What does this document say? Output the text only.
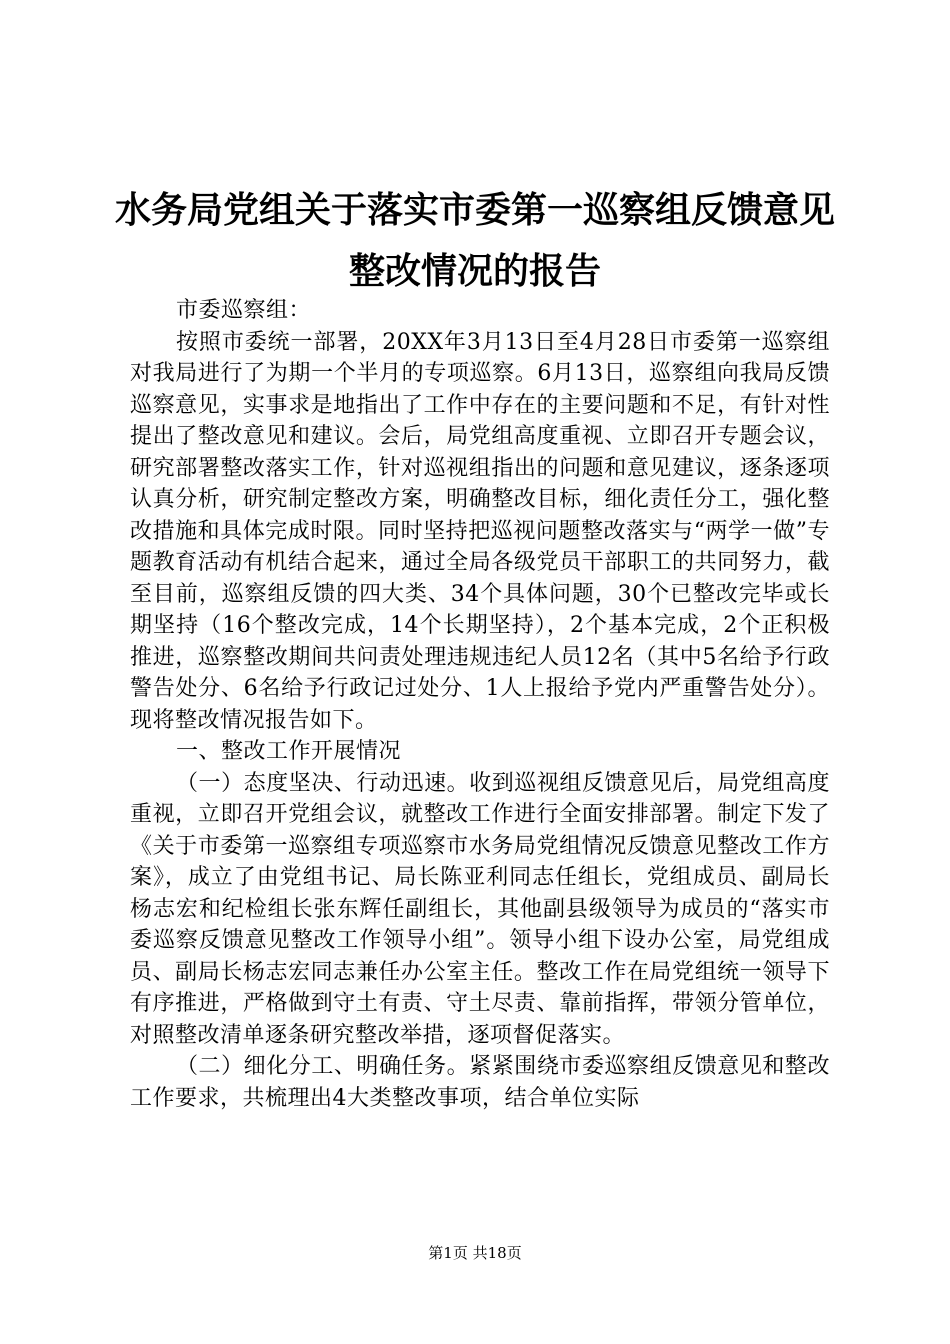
水务局党组关于落实市委第一巡察组反馈意见
整改情况的报告

市委巡察组：

按照市委统一部署，20XX年3月13日至4月28日市委第一巡察组对我局进行了为期一个半月的专项巡察。6月13日，巡察组向我局反馈巡察意见，实事求是地指出了工作中存在的主要问题和不足，有针对性提出了整改意见和建议。会后，局党组高度重视、立即召开专题会议，研究部署整改落实工作，针对巡视组指出的问题和意见建议，逐条逐项认真分析，研究制定整改方案，明确整改目标，细化责任分工，强化整改措施和具体完成时限。同时坚持把巡视问题整改落实与“两学一做”专题教育活动有机结合起来，通过全局各级党员干部职工的共同努力，截至目前，巡察组反馈的四大类、34个具体问题，30个已整改完毕或长期坚持（16个整改完成，14个长期坚持），2个基本完成，2个正积极推进，巡察整改期间共问责处理违规违纪人员12名（其中5名给予行政警告处分、6名给予行政记过处分、1人上报给予党内严重警告处分）。现将整改情况报告如下。

一、整改工作开展情况

（一）态度坚决、行动迅速。收到巡视组反馈意见后，局党组高度重视，立即召开党组会议，就整改工作进行全面安排部署。制定下发了《关于市委第一巡察组专项巡察市水务局党组情况反馈意见整改工作方案》，成立了由党组书记、局长陈亚利同志任组长，党组成员、副局长杨志宏和纪检组长张东辉任副组长，其他副县级领导为成员的“落实市委巡察反馈意见整改工作领导小组”。领导小组下设办公室，局党组成员、副局长杨志宏同志兼任办公室主任。整改工作在局党组统一领导下有序推进，严格做到守土有责、守土尽责、靠前指挥，带领分管单位，对照整改清单逐条研究整改举措，逐项督促落实。

（二）细化分工、明确任务。紧紧围绕市委巡察组反馈意见和整改工作要求，共梳理出4大类整改事项，结合单位实际

第1页 共18页
